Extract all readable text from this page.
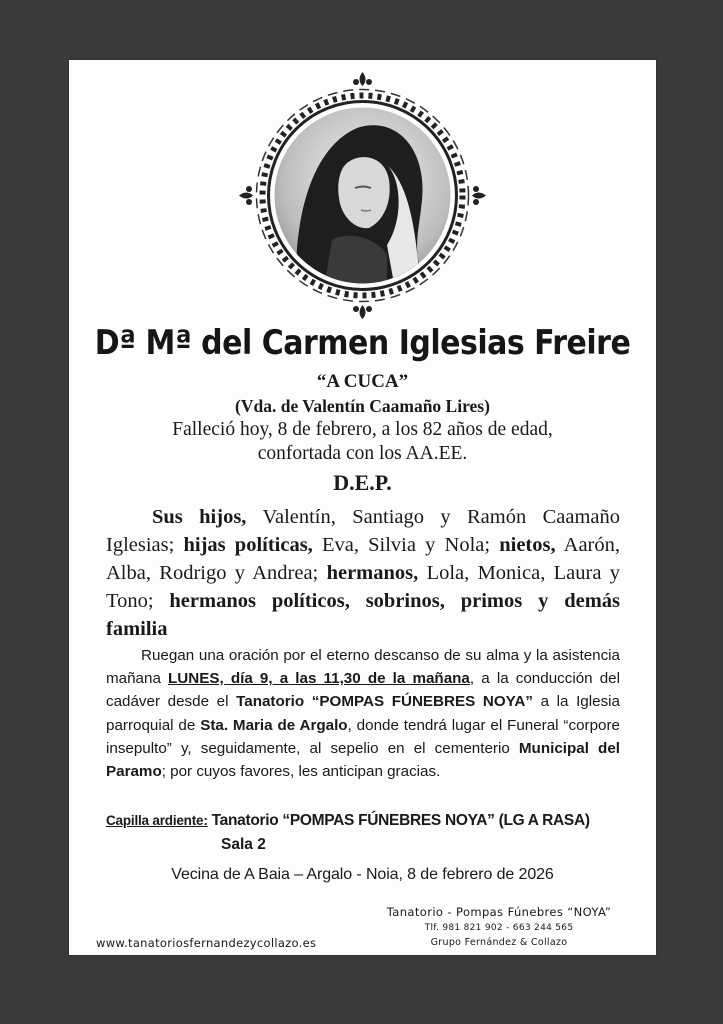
Dª Mª del Carmen Iglesias Freire
“A CUCA”
(Vda. de Valentín Caamaño Lires)
Falleció hoy, 8 de febrero, a los 82 años de edad,
confortada con los AA.EE.
D.E.P.
Sus hijos, Valentín, Santiago y Ramón Caamaño Iglesias; hijas políticas, Eva, Silvia y Nola; nietos, Aarón, Alba, Rodrigo y Andrea; hermanos, Lola, Monica, Laura y Tono; hermanos políticos, sobrinos, primos y demás familia
Ruegan una oración por el eterno descanso de su alma y la asistencia mañana LUNES, día 9, a las 11,30 de la mañana, a la conducción del cadáver desde el Tanatorio “POMPAS FÚNEBRES NOYA” a la Iglesia parroquial de Sta. Maria de Argalo, donde tendrá lugar el Funeral “corpore insepulto” y, seguidamente, al sepelio en el cementerio Municipal del Paramo; por cuyos favores, les anticipan gracias.
Capilla ardiente: Tanatorio “POMPAS FÚNEBRES NOYA” (LG A RASA)
Sala 2
Vecina de A Baia – Argalo - Noia, 8 de febrero de 2026
Tanatorio - Pompas Fúnebres “NOYA”
Tlf. 981 821 902 - 663 244 565
Grupo Fernández & Collazo
www.tanatoriosfernandezycollazo.es
